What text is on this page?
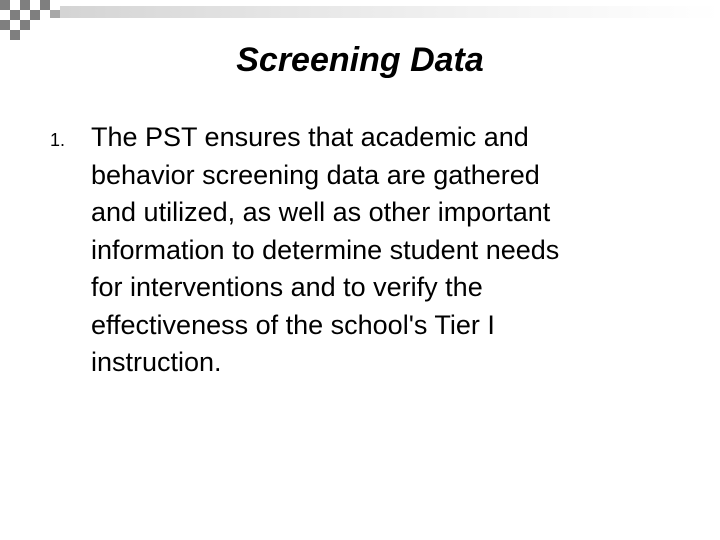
Screening Data
1. The PST ensures that academic and
behavior screening data are gathered
and utilized, as well as other important
information to determine student needs
for interventions and to verify the
effectiveness of the school's Tier I
instruction.
